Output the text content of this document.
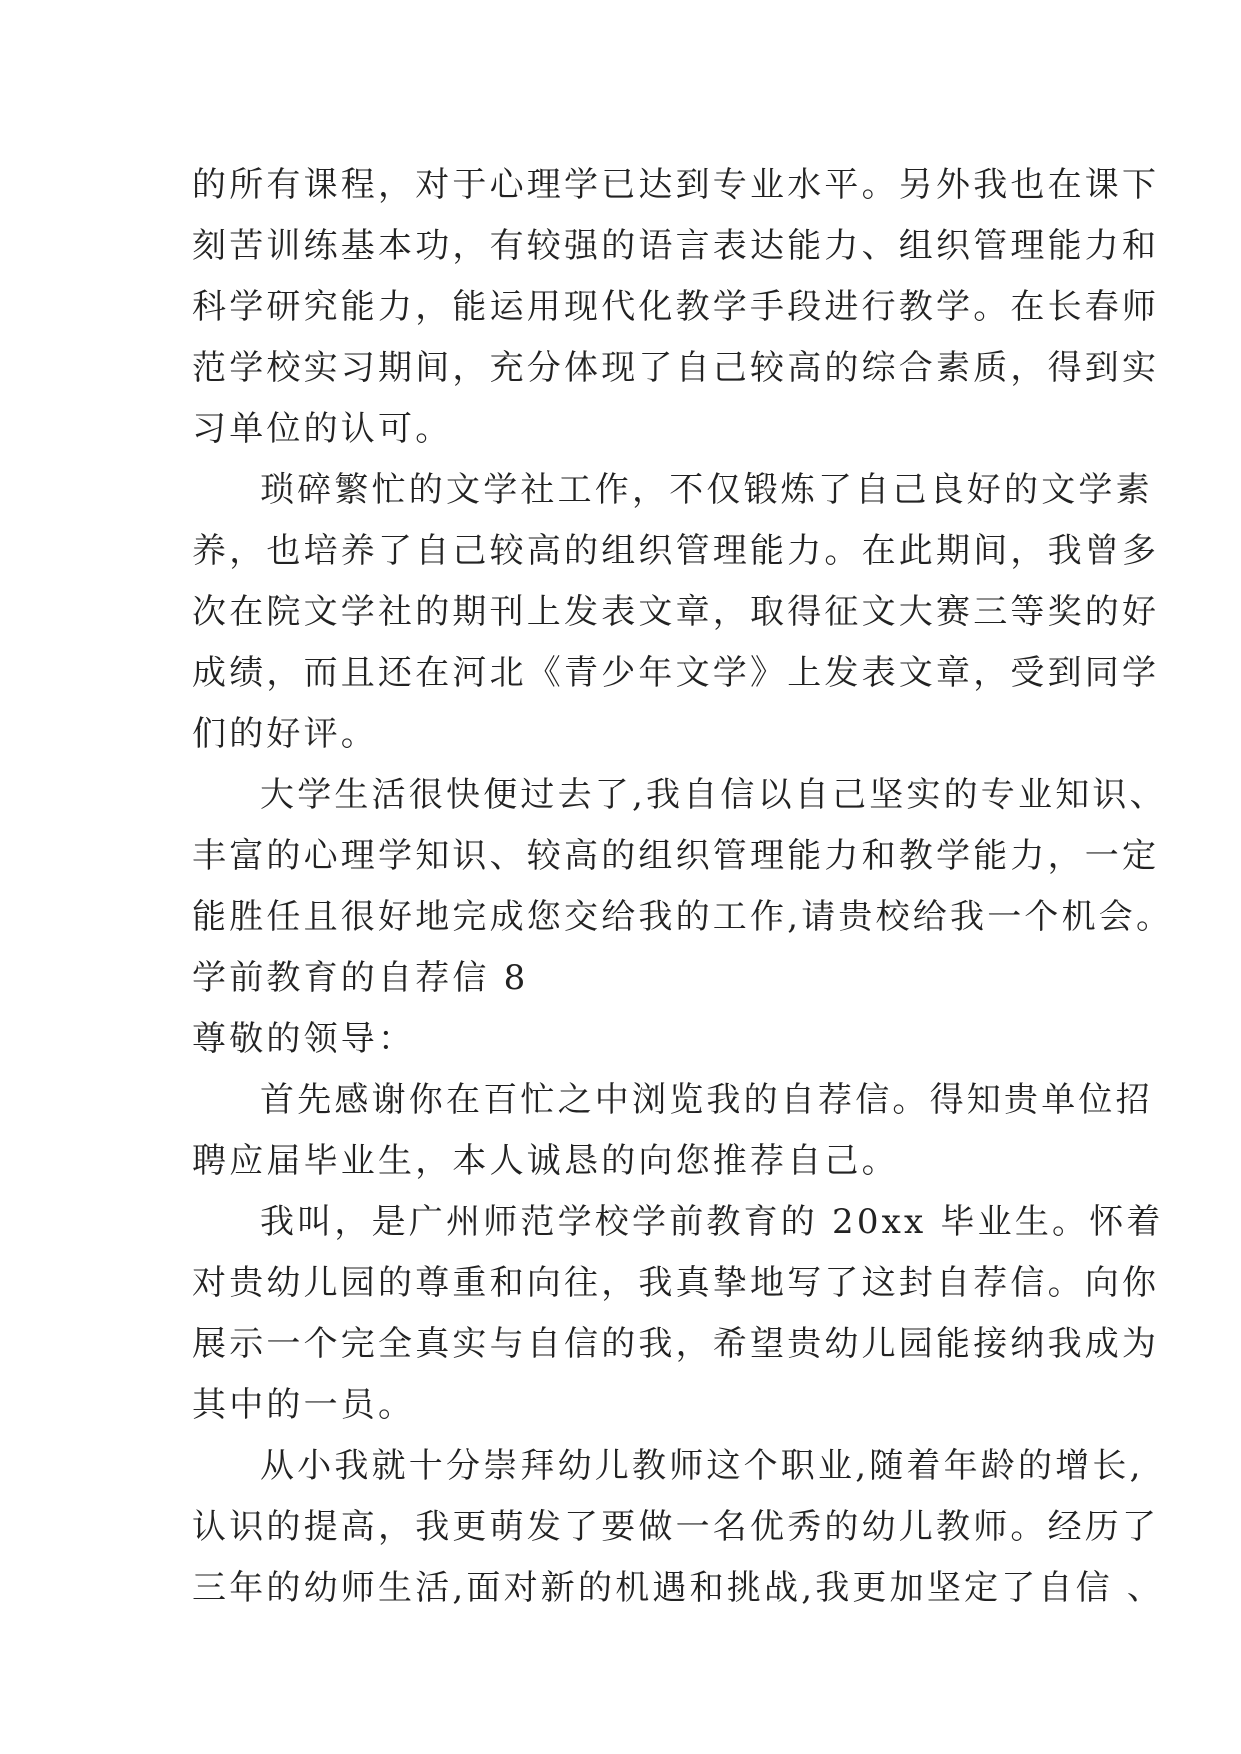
的所有课程，对于心理学已达到专业水平。另外我也在课下
刻苦训练基本功，有较强的语言表达能力、组织管理能力和
科学研究能力，能运用现代化教学手段进行教学。在长春师
范学校实习期间，充分体现了自己较高的综合素质，得到实
习单位的认可。
琐碎繁忙的文学社工作，不仅锻炼了自己良好的文学素
养，也培养了自己较高的组织管理能力。在此期间，我曾多
次在院文学社的期刊上发表文章，取得征文大赛三等奖的好
成绩，而且还在河北《青少年文学》上发表文章，受到同学
们的好评。
大学生活很快便过去了,我自信以自己坚实的专业知识、
丰富的心理学知识、较高的组织管理能力和教学能力，一定
能胜任且很好地完成您交给我的工作,请贵校给我一个机会。
学前教育的自荐信 8
尊敬的领导：
首先感谢你在百忙之中浏览我的自荐信。得知贵单位招
聘应届毕业生，本人诚恳的向您推荐自己。
我叫，是广州师范学校学前教育的 20xx 毕业生。怀着
对贵幼儿园的尊重和向往，我真挚地写了这封自荐信。向你
展示一个完全真实与自信的我，希望贵幼儿园能接纳我成为
其中的一员。
从小我就十分崇拜幼儿教师这个职业,随着年龄的增长,
认识的提高，我更萌发了要做一名优秀的幼儿教师。经历了
三年的幼师生活,面对新的机遇和挑战,我更加坚定了自信 、
